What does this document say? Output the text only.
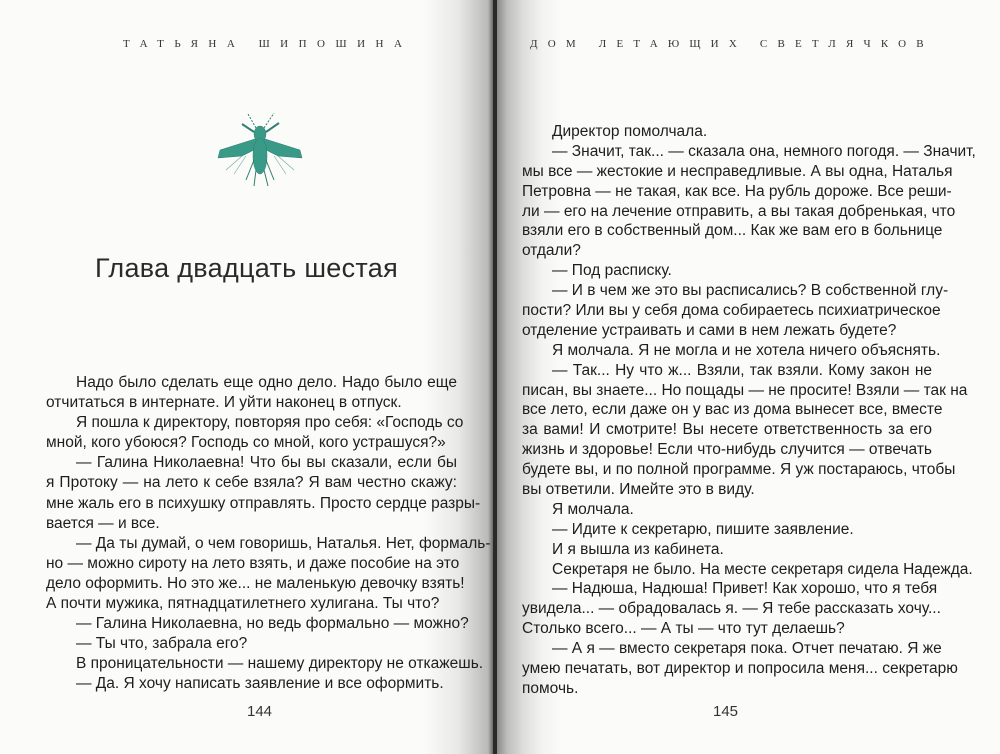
ТАТЬЯНА ШИПОШИНА
Глава двадцать шестая
Надо было сделать еще одно дело. Надо было еще
отчитаться в интернате. И уйти наконец в отпуск.
Я пошла к директору, повторяя про себя: «Господь со
мной, кого убоюся? Господь со мной, кого устрашуся?»
— Галина Николаевна! Что бы вы сказали, если бы
я Протоку — на лето к себе взяла? Я вам честно скажу:
мне жаль его в психушку отправлять. Просто сердце разры-
вается — и все.
— Да ты думай, о чем говоришь, Наталья. Нет, формаль-
но — можно сироту на лето взять, и даже пособие на это
дело оформить. Но это же... не маленькую девочку взять!
А почти мужика, пятнадцатилетнего хулигана. Ты что?
— Галина Николаевна, но ведь формально — можно?
— Ты что, забрала его?
В проницательности — нашему директору не откажешь.
— Да. Я хочу написать заявление и все оформить.
144
ДОМ ЛЕТАЮЩИХ СВЕТЛЯЧКОВ
Директор помолчала.
— Значит, так... — сказала она, немного погодя. — Значит,
мы все — жестокие и несправедливые. А вы одна, Наталья
Петровна — не такая, как все. На рубль дороже. Все реши-
ли — его на лечение отправить, а вы такая добренькая, что
взяли его в собственный дом... Как же вам его в больнице
отдали?
— Под расписку.
— И в чем же это вы расписались? В собственной глу-
пости? Или вы у себя дома собираетесь психиатрическое
отделение устраивать и сами в нем лежать будете?
Я молчала. Я не могла и не хотела ничего объяснять.
— Так... Ну что ж... Взяли, так взяли. Кому закон не
писан, вы знаете... Но пощады — не просите! Взяли — так на
все лето, если даже он у вас из дома вынесет все, вместе
за вами! И смотрите! Вы несете ответственность за его
жизнь и здоровье! Если что-нибудь случится — отвечать
будете вы, и по полной программе. Я уж постараюсь, чтобы
вы ответили. Имейте это в виду.
Я молчала.
— Идите к секретарю, пишите заявление.
И я вышла из кабинета.
Секретаря не было. На месте секретаря сидела Надежда.
— Надюша, Надюша! Привет! Как хорошо, что я тебя
увидела... — обрадовалась я. — Я тебе рассказать хочу...
Столько всего... — А ты — что тут делаешь?
— А я — вместо секретаря пока. Отчет печатаю. Я же
умею печатать, вот директор и попросила меня... секретарю
помочь.
145
